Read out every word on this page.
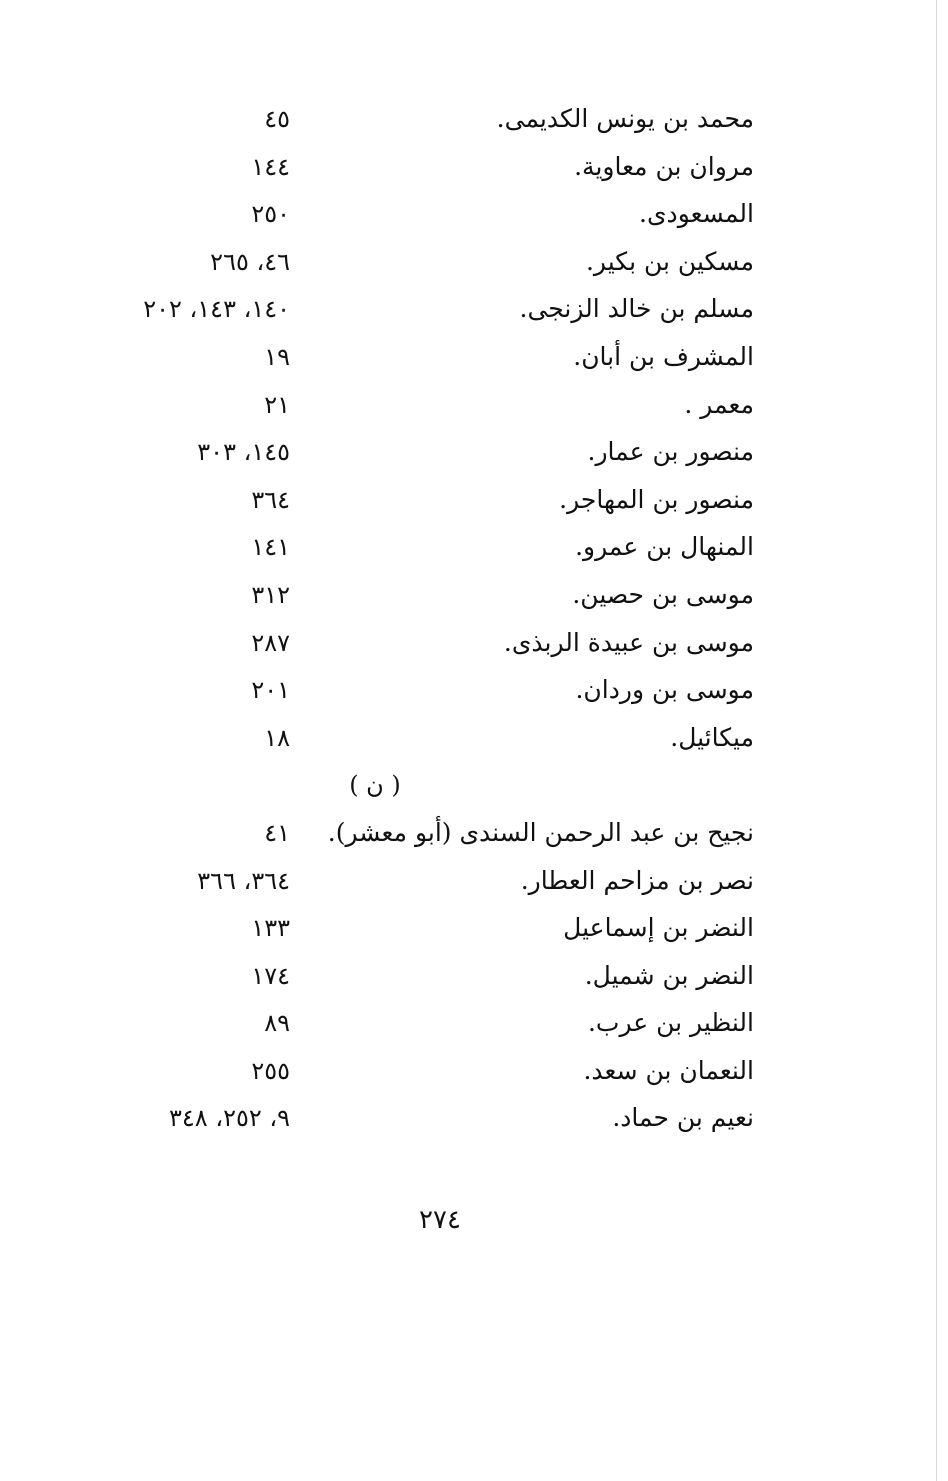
محمد بن يونس الكديمى.
٤٥
مروان بن معاوية.
١٤٤
المسعودى.
٢٥٠
مسكين بن بكير.
٤٦، ٢٦٥
مسلم بن خالد الزنجى.
١٤٠، ١٤٣، ٢٠٢
المشرف بن أبان.
١٩
معمر .
٢١
منصور بن عمار.
١٤٥، ٣٠٣
منصور بن المهاجر.
٣٦٤
المنهال بن عمرو.
١٤١
موسى بن حصين.
٣١٢
موسى بن عبيدة الربذى.
٢٨٧
موسى بن وردان.
٢٠١
ميكائيل.
١٨
( ن )
نجيح بن عبد الرحمن السندى (أبو معشر).
٤١
نصر بن مزاحم العطار.
٣٦٤، ٣٦٦
النضر بن إسماعيل
١٣٣
النضر بن شميل.
١٧٤
النظير بن عرب.
٨٩
النعمان بن سعد.
٢٥٥
نعيم بن حماد.
٩، ٢٥٢، ٣٤٨
٢٧٤
